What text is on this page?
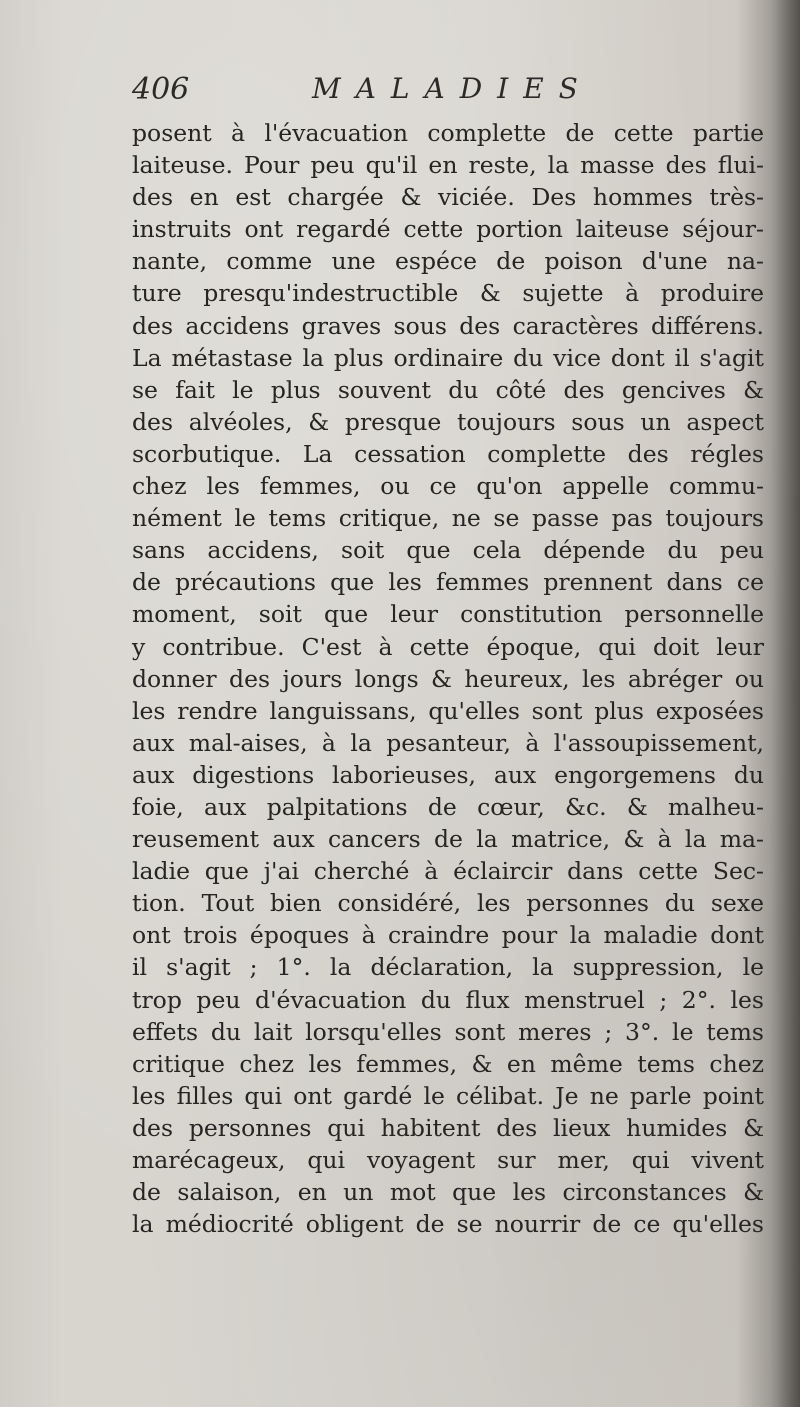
406	MALADIES
posent à l'évacuation complette de cette partie
laiteuse. Pour peu qu'il en reste, la masse des flui-
des en est chargée & viciée. Des hommes très-
instruits ont regardé cette portion laiteuse séjour-
nante, comme une espéce de poison d'une na-
ture presqu'indestructible & sujette à produire
des accidens graves sous des caractères différens.
La métastase la plus ordinaire du vice dont il s'agit
se fait le plus souvent du côté des gencives &
des alvéoles, & presque toujours sous un aspect
scorbutique. La cessation complette des régles
chez les femmes, ou ce qu'on appelle commu-
nément le tems critique, ne se passe pas toujours
sans accidens, soit que cela dépende du peu
de précautions que les femmes prennent dans ce
moment, soit que leur constitution personnelle
y contribue. C'est à cette époque, qui doit leur
donner des jours longs & heureux, les abréger ou
les rendre languissans, qu'elles sont plus exposées
aux mal-aises, à la pesanteur, à l'assoupissement,
aux digestions laborieuses, aux engorgemens du
foie, aux palpitations de cœur, &c. & malheu-
reusement aux cancers de la matrice, & à la ma-
ladie que j'ai cherché à éclaircir dans cette Sec-
tion. Tout bien considéré, les personnes du sexe
ont trois époques à craindre pour la maladie dont
il s'agit ; 1°. la déclaration, la suppression, le
trop peu d'évacuation du flux menstruel ; 2°. les
effets du lait lorsqu'elles sont meres ; 3°. le tems
critique chez les femmes, & en même tems chez
les filles qui ont gardé le célibat. Je ne parle point
des personnes qui habitent des lieux humides &
marécageux, qui voyagent sur mer, qui vivent
de salaison, en un mot que les circonstances &
la médiocrité obligent de se nourrir de ce qu'elles
